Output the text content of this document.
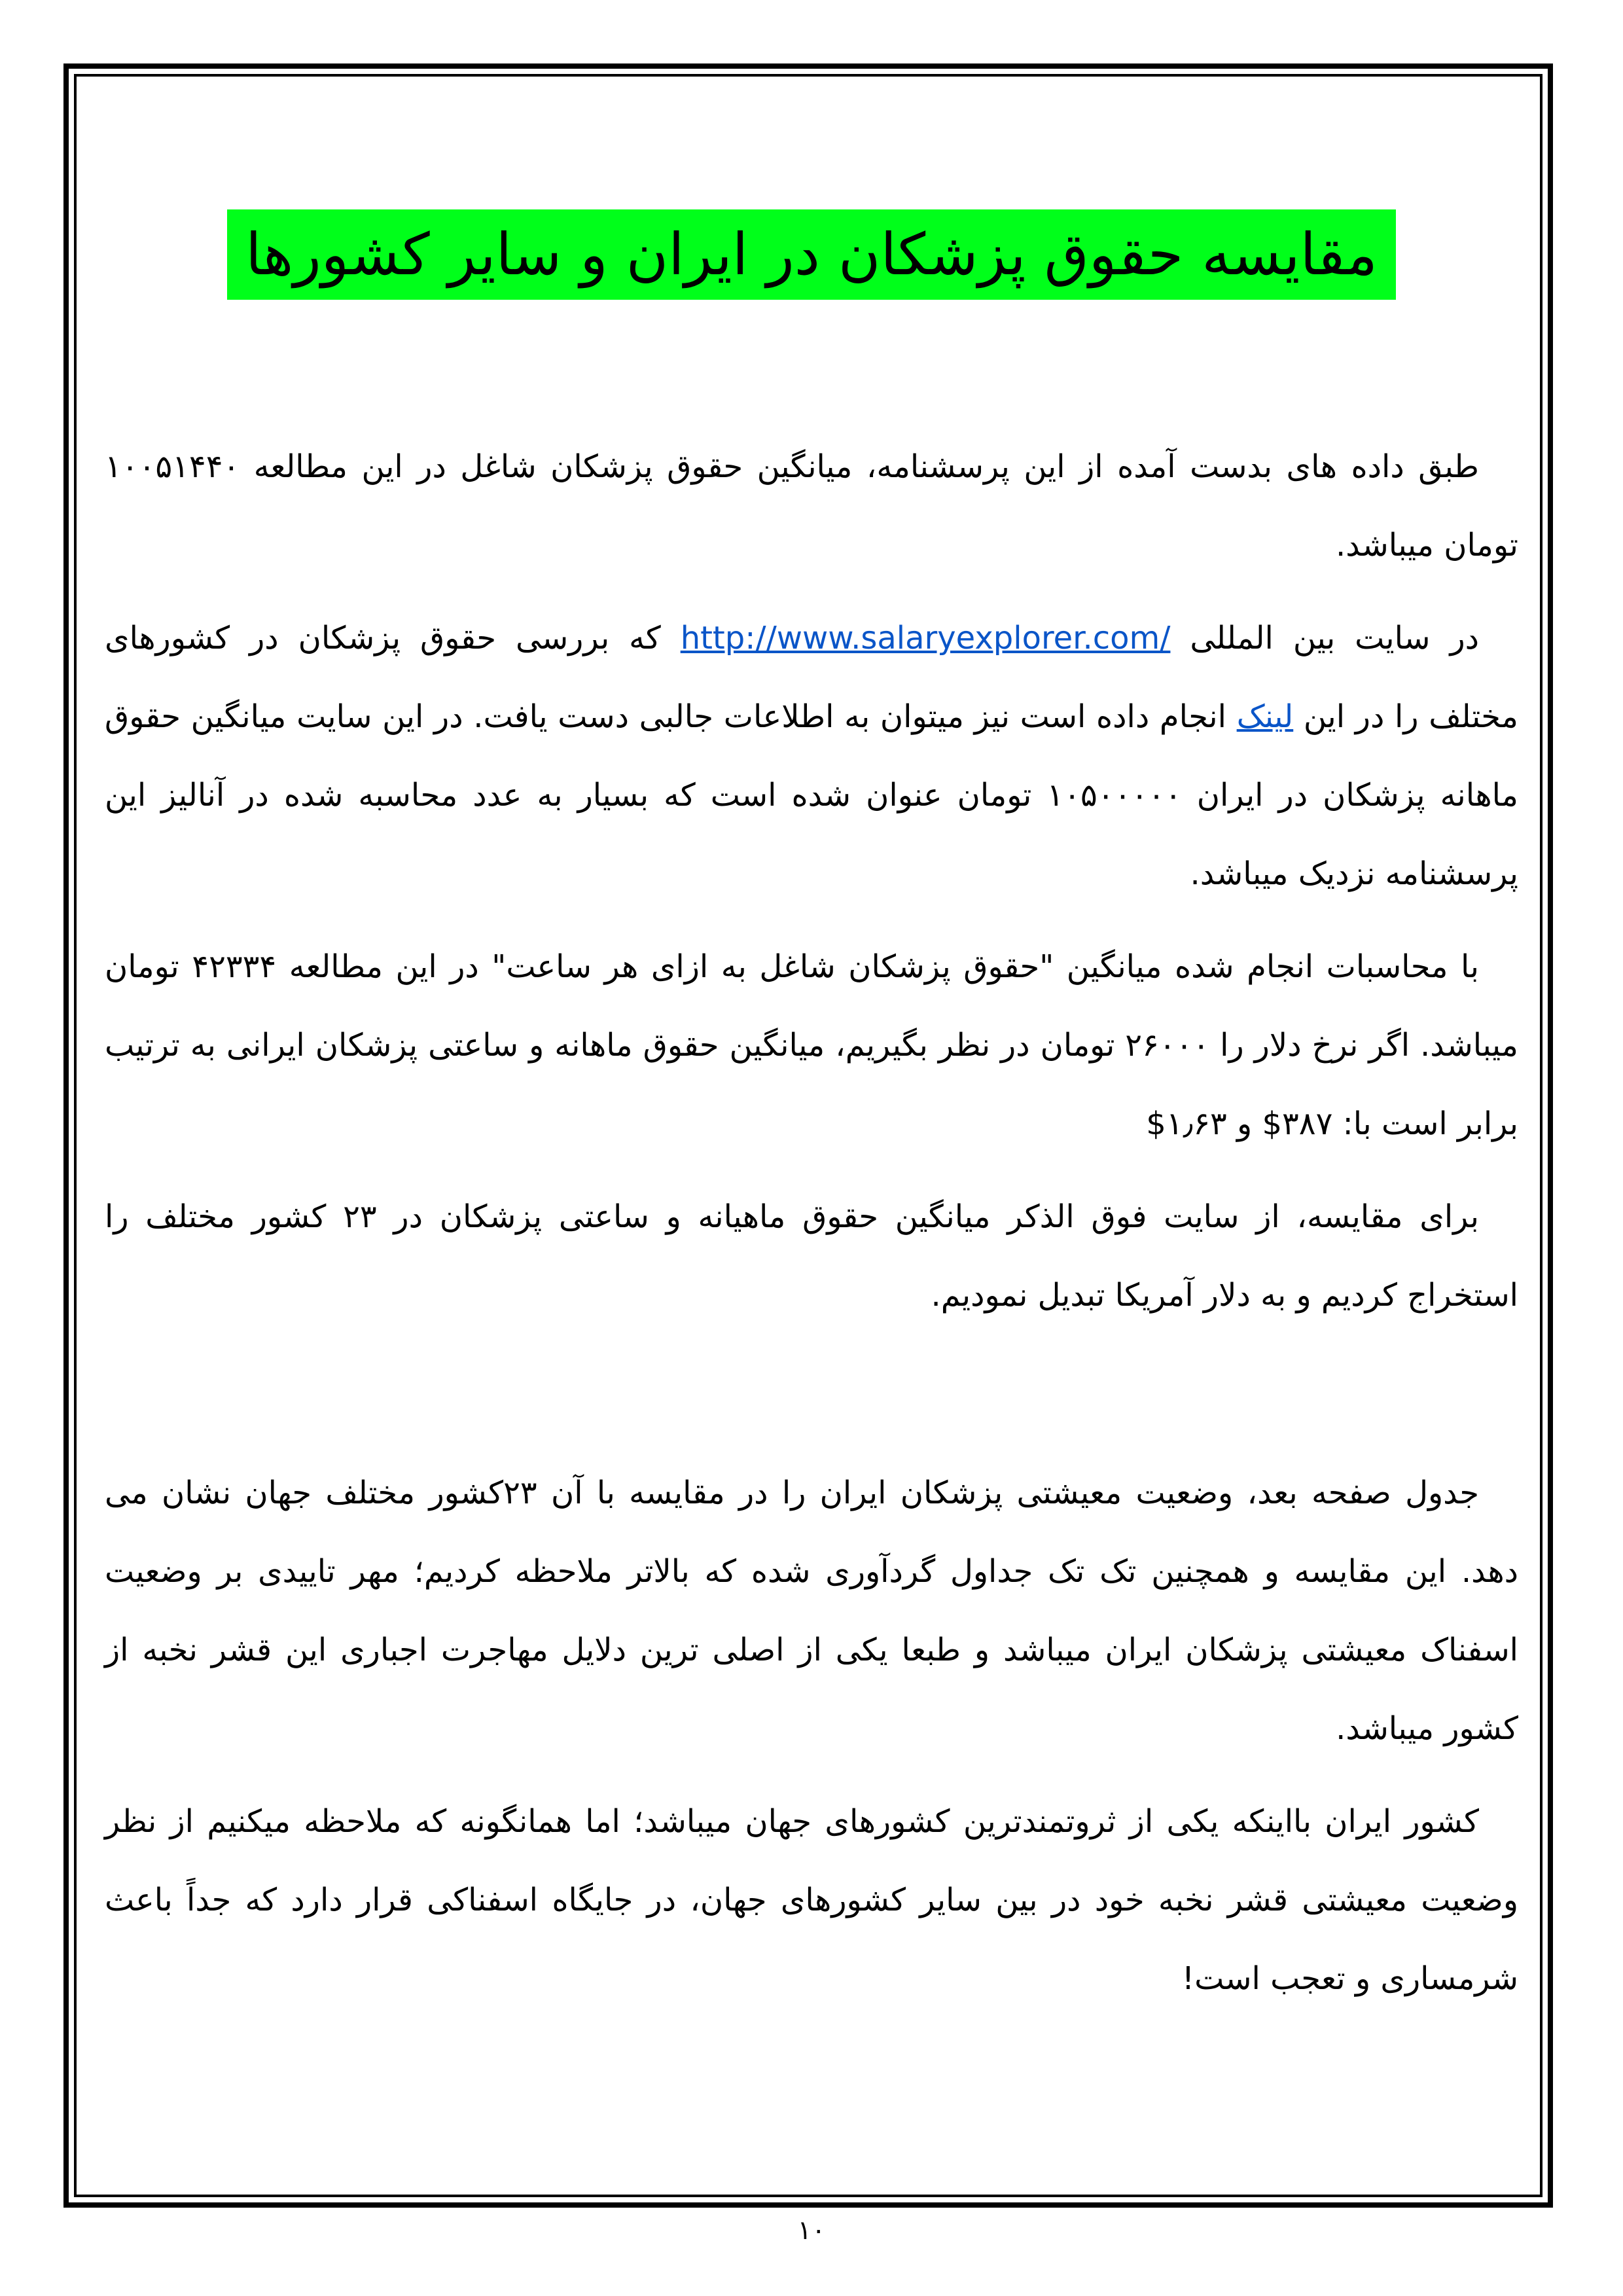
مقایسه حقوق پزشکان در ایران و سایر کشورها

طبق داده های بدست آمده از این پرسشنامه، میانگین حقوق پزشکان شاغل در این مطالعه ۱۰۰۵۱۴۴۰ تومان میباشد.

در سایت بین المللی http://www.salaryexplorer.com/ که بررسی حقوق پزشکان در کشورهای مختلف را در این لینک انجام داده است نیز میتوان به اطلاعات جالبی دست یافت. در این سایت میانگین حقوق ماهانه پزشکان در ایران ۱۰۵۰۰۰۰۰ تومان عنوان شده است که بسیار به عدد محاسبه شده در آنالیز این پرسشنامه نزدیک میباشد.

با محاسبات انجام شده میانگین "حقوق پزشکان شاغل به ازای هر ساعت" در این مطالعه ۴۲۳۳۴ تومان میباشد. اگر نرخ دلار را ۲۶۰۰۰ تومان در نظر بگیریم، میانگین حقوق ماهانه و ساعتی پزشکان ایرانی به ترتیب برابر است با: ۳۸۷$ و ۱٫۶۳$

برای مقایسه، از سایت فوق الذکر میانگین حقوق ماهیانه و ساعتی پزشکان در ۲۳ کشور مختلف را استخراج کردیم و به دلار آمریکا تبدیل نمودیم.

جدول صفحه بعد، وضعیت معیشتی پزشکان ایران را در مقایسه با آن ۲۳کشور مختلف جهان نشان می دهد. این مقایسه و همچنین تک تک جداول گردآوری شده که بالاتر ملاحظه کردیم؛ مهر تاییدی بر وضعیت اسفناک معیشتی پزشکان ایران میباشد و طبعا یکی از اصلی ترین دلایل مهاجرت اجباری این قشر نخبه از کشور میباشد.

کشور ایران بااینکه یکی از ثروتمندترین کشورهای جهان میباشد؛ اما همانگونه که ملاحظه میکنیم از نظر وضعیت معیشتی قشر نخبه خود در بین سایر کشورهای جهان، در جایگاه اسفناکی قرار دارد که جداً باعث شرمساری و تعجب است!

۱۰
